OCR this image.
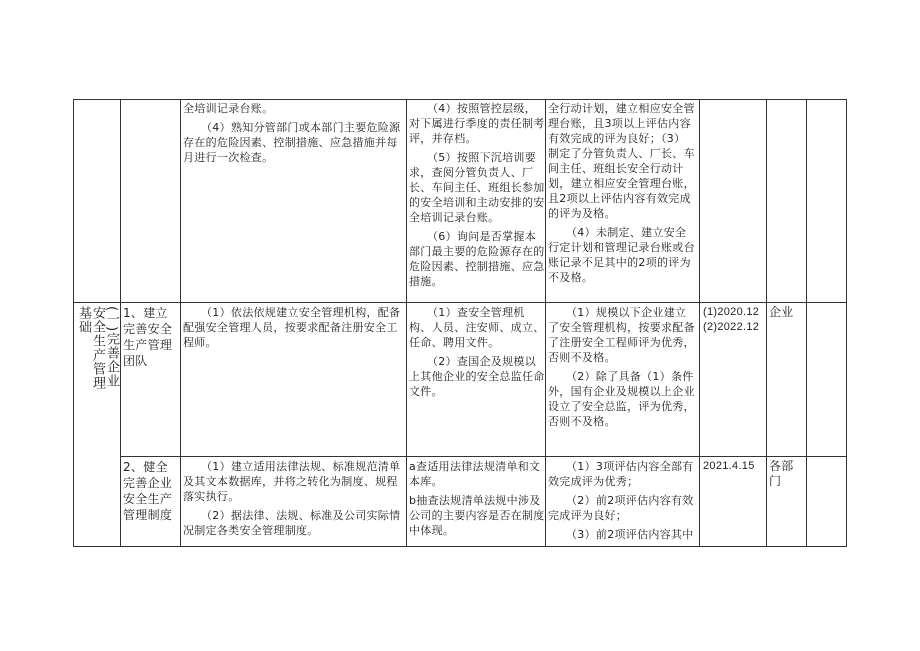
(一)完善企业安全生产管理基础

全培训记录台账。

（4）熟知分管部门或本部门主要危险源存在的危险因素、控制措施、应急措施并每月进行一次检查。

（4）按照管控层级，对下属进行季度的责任制考评，并存档。

（5）按照下沉培训要求，查阅分管负责人、厂长、车间主任、班组长参加的安全培训和主动安排的安全培训记录台账。

（6）询问是否掌握本部门最主要的危险源存在的危险因素、控制措施、应急措施。

全行动计划，建立相应安全管理台账，且3项以上评估内容有效完成的评为良好；（3）制定了分管负责人、厂长、车间主任、班组长安全行动计划，建立相应安全管理台账，且2项以上评估内容有效完成的评为及格。

（4）未制定、建立安全行定计划和管理记录台账或台账记录不足其中的2项的评为不及格。

1、建立完善安全生产管理团队

（1）依法依规建立安全管理机构，配备配强安全管理人员，按要求配备注册安全工程师。

（1）查安全管理机构、人员、注安师、成立、任命、聘用文件。

（2）查国企及规模以上其他企业的安全总监任命文件。

（1）规模以下企业建立了安全管理机构，按要求配备了注册安全工程师评为优秀，否则不及格。

（2）除了具备（1）条件外，国有企业及规模以上企业设立了安全总监，评为优秀，否则不及格。

(1)2020.12
(2)2022.12
企业
2、健全完善企业安全生产管理制度

（1）建立适用法律法规、标准规范清单及其文本数据库，并将之转化为制度、规程落实执行。

（2）据法律、法规、标准及公司实际情况制定各类安全管理制度。

a查适用法律法规清单和文本库。

b抽查法规清单法规中涉及公司的主要内容是否在制度中体现。

（1）3项评估内容全部有效完成评为优秀；

（2）前2项评估内容有效完成评为良好；

（3）前2项评估内容其中

2021.4.15	各部门
